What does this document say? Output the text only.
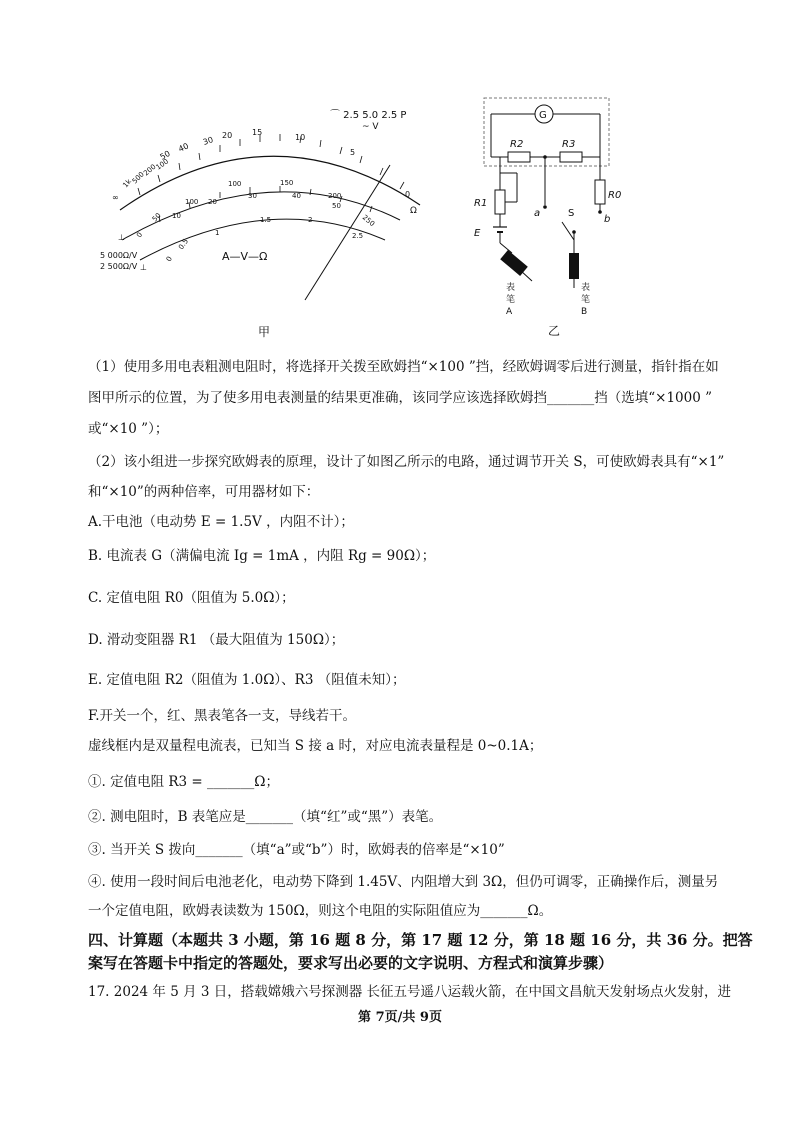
∞
1k
500
200
100
50
40
30 20 15
10
5
0
Ω
0
50
100
100	150
200
250
10
20
30	40
50
0
0.5
1
1.5	2
2.5
⊥
⊥
A—V—Ω
5 000Ω/V
2 500Ω/V
⌒ 2.5 5.0 2.5 P
~ V
甲
G
R2	R3
R1
E
表
笔
A
a	S
表
笔
B
R0
b
乙
（1）使用多用电表粗测电阻时，将选择开关拨至欧姆挡“×100 ”挡，经欧姆调零后进行测量，指针指在如
图甲所示的位置，为了使多用电表测量的结果更准确，该同学应该选择欧姆挡_______挡（选填“×1000 ”
或“×10 ”）；
（2）该小组进一步探究欧姆表的原理，设计了如图乙所示的电路，通过调节开关 S，可使欧姆表具有“×1”
和“×10”的两种倍率，可用器材如下：
A.干电池（电动势 E = 1.5V ，内阻不计）；
B. 电流表 G（满偏电流 Ig = 1mA ，内阻 Rg = 90Ω）；
C. 定值电阻 R0（阻值为 5.0Ω）；
D. 滑动变阻器 R1 （最大阻值为 150Ω）；
E. 定值电阻 R2（阻值为 1.0Ω）、R3 （阻值未知）；
F.开关一个，红、黑表笔各一支，导线若干。
虚线框内是双量程电流表，已知当 S 接 a 时，对应电流表量程是 0~0.1A；
①. 定值电阻 R3 = _______Ω；
②. 测电阻时，B 表笔应是_______（填“红”或“黑”）表笔。
③. 当开关 S 拨向_______（填“a”或“b”）时，欧姆表的倍率是“×10”
④. 使用一段时间后电池老化，电动势下降到 1.45V、内阻增大到 3Ω，但仍可调零，正确操作后，测量另
一个定值电阻，欧姆表读数为 150Ω，则这个电阻的实际阻值应为_______Ω。
四、计算题（本题共 3 小题，第 16 题 8 分，第 17 题 12 分，第 18 题 16 分，共 36 分。把答
案写在答题卡中指定的答题处，要求写出必要的文字说明、方程式和演算步骤）
17. 2024 年 5 月 3 日，搭载嫦娥六号探测器 长征五号遥八运载火箭，在中国文昌航天发射场点火发射，进
第 7页/共 9页
